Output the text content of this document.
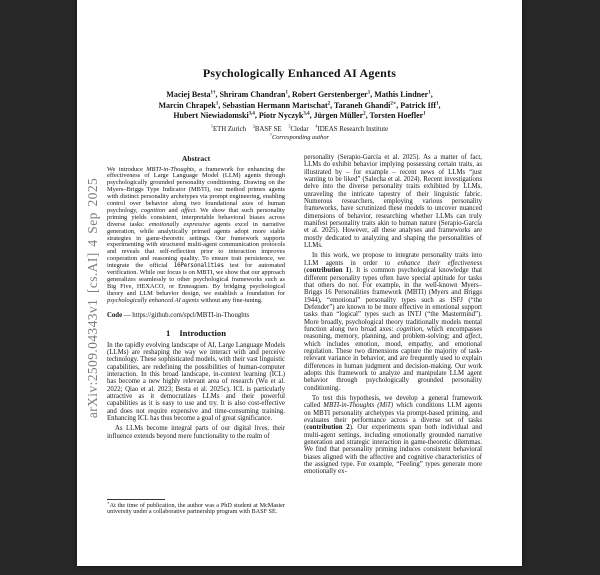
arXiv:2509.04343v1 [cs.AI] 4 Sep 2025
Psychologically Enhanced AI Agents
Maciej Besta$^{1\dagger}$, Shriram Chandran$^1$, Robert Gerstenberger$^1$, Mathis Lindner$^1$,
Marcin Chrapek$^1$, Sebastian Hermann Martschat$^2$, Taraneh Ghandi$^{2∗}$, Patrick Iff$^1$,
Hubert Niewiadomski$^{3,4}$, Piotr Nyczyk$^{3,4}$, Jürgen Müller$^2$, Torsten Hoefler$^1$
$^1$ETH Zurich $^2$BASF SE $^3$Cledar $^4$IDEAS Research Institute
†Corresponding author
Abstract
We introduce MBTI-in-Thoughts, a framework for enhancing the effectiveness of Large Language Model (LLM) agents through psychologically grounded personality conditioning. Drawing on the Myers–Briggs Type Indicator (MBTI), our method primes agents with distinct personality archetypes via prompt engineering, enabling control over behavior along two foundational axes of human psychology, cognition and affect. We show that such personality priming yields consistent, interpretable behavioral biases across diverse tasks: emotionally expressive agents excel in narrative generation, while analytically primed agents adopt more stable strategies in game-theoretic settings. Our framework supports experimenting with structured multi-agent communication protocols and reveals that self-reflection prior to interaction improves cooperation and reasoning quality. To ensure trait persistence, we integrate the official 16Personalities test for automated verification. While our focus is on MBTI, we show that our approach generalizes seamlessly to other psychological frameworks such as Big Five, HEXACO, or Enneagram. By bridging psychological theory and LLM behavior design, we establish a foundation for psychologically enhanced AI agents without any fine-tuning.
Code — https://github.com/spcl/MBTI-in-Thoughts
1 Introduction

In the rapidly evolving landscape of AI, Large Language Models (LLMs) are reshaping the way we interact with and perceive technology. These sophisticated models, with their vast linguistic capabilities, are redefining the possibilities of human-computer interaction. In this broad landscape, in-context learning (ICL) has become a new highly relevant area of research (Wu et al. 2022; Qiao et al. 2023; Besta et al. 2025c). ICL is particularly attractive as it democratizes LLMs and their powerful capabilities as it is easy to use and try. It is also cost-effective and does not require expensive and time-consuming training. Enhancing ICL has thus become a goal of great significance.

As LLMs become integral parts of our digital lives, their influence extends beyond mere functionality to the realm of

∗At the time of publication, the author was a PhD student at McMaster university under a collaborative partnership program with BASF SE.

personality (Serapio-García et al. 2025). As a matter of fact, LLMs do exhibit behavior implying possessing certain traits, as illustrated by – for example – recent news of LLMs “just wanting to be liked” (Salecha et al. 2024). Recent investigations delve into the diverse personality traits exhibited by LLMs, unraveling the intricate tapestry of their linguistic fabric. Numerous researchers, employing various personality frameworks, have scrutinized these models to uncover nuanced dimensions of behavior, researching whether LLMs can truly manifest personality traits akin to human nature (Serapio-García et al. 2025). However, all these analyses and frameworks are mostly dedicated to analyzing and shaping the personalities of LLMs.

In this work, we propose to integrate personality traits into LLM agents in order to enhance their effectiveness (contribution 1). It is common psychological knowledge that different personality types often have special aptitude for tasks that others do not. For example, in the well-known Myers–Briggs 16 Personalities framework (MBTI) (Myers and Briggs 1944), “emotional” personality types such as ISFJ (“the Defender”) are known to be more effective in emotional support tasks than “logical” types such as INTJ (“the Mastermind”). More broadly, psychological theory traditionally models mental function along two broad axes: cognition, which encompasses reasoning, memory, planning, and problem-solving; and affect, which includes emotion, mood, empathy, and emotional regulation. These two dimensions capture the majority of task-relevant variance in behavior, and are frequently used to explain differences in human judgment and decision-making. Our work adopts this framework to analyze and manipulate LLM agent behavior through psychologically grounded personality conditioning.

To test this hypothesis, we develop a general framework called MBTI-in-Thoughts (MiT) which conditions LLM agents on MBTI personality archetypes via prompt-based priming, and evaluates their performance across a diverse set of tasks (contribution 2). Our experiments span both individual and multi-agent settings, including emotionally grounded narrative generation and strategic interaction in game-theoretic dilemmas. We find that personality priming induces consistent behavioral biases aligned with the affective and cognitive characteristics of the assigned type. For example, “Feeling” types generate more emotionally ex-
